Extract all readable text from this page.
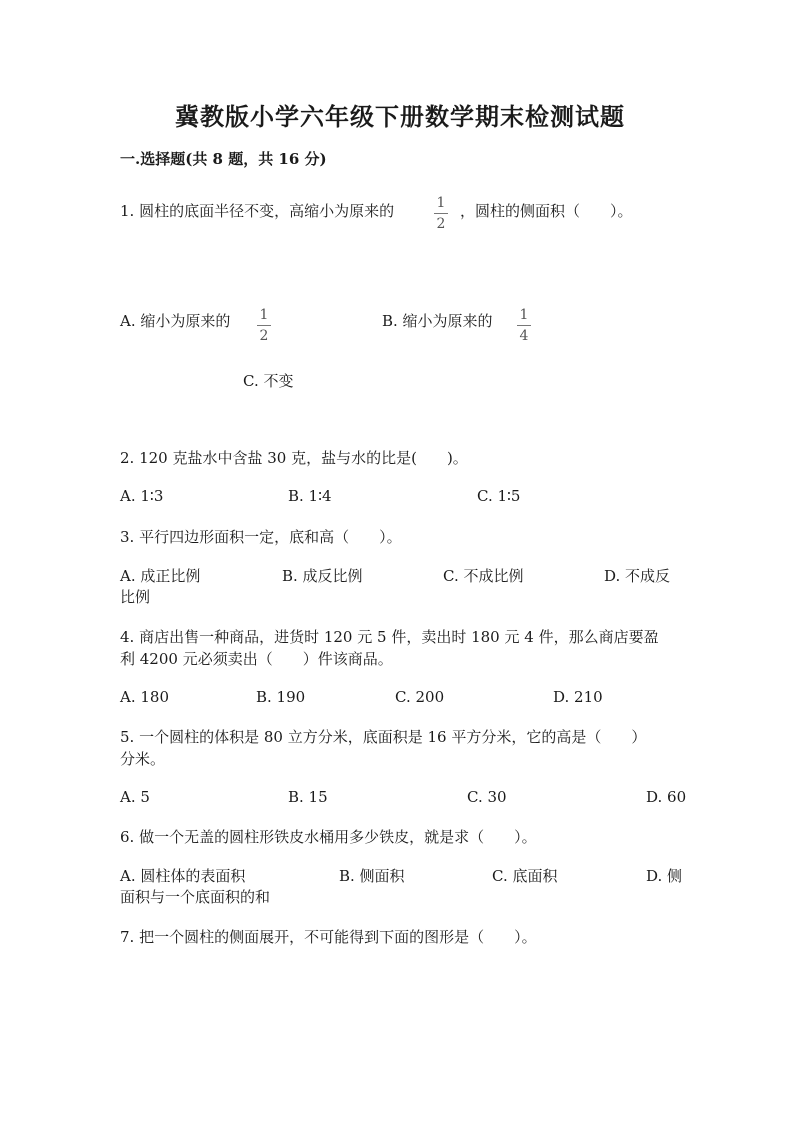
冀教版小学六年级下册数学期末检测试题
一.选择题(共 8 题，共 16 分)
1. 圆柱的底面半径不变，高缩小为原来的	1
2
，圆柱的侧面积（　　）。
A. 缩小为原来的 1
2
B. 缩小为原来的 1
4
C. 不变
2. 120 克盐水中含盐 30 克，盐与水的比是(　　)。
A. 1∶3	B. 1∶4	C. 1∶5
3. 平行四边形面积一定，底和高（　　）。
A. 成正比例	B. 成反比例	C. 不成比例	D. 不成反
比例
4. 商店出售一种商品，进货时 120 元 5 件，卖出时 180 元 4 件，那么商店要盈
利 4200 元必须卖出（　　）件该商品。
A. 180	B. 190	C. 200	D. 210
5. 一个圆柱的体积是 80 立方分米，底面积是 16 平方分米，它的高是（　　）
分米。
A. 5	B. 15	C. 30	D. 60
6. 做一个无盖的圆柱形铁皮水桶用多少铁皮，就是求（　　）。
A. 圆柱体的表面积	B. 侧面积	C. 底面积	D. 侧
面积与一个底面积的和
7. 把一个圆柱的侧面展开，不可能得到下面的图形是（　　）。
